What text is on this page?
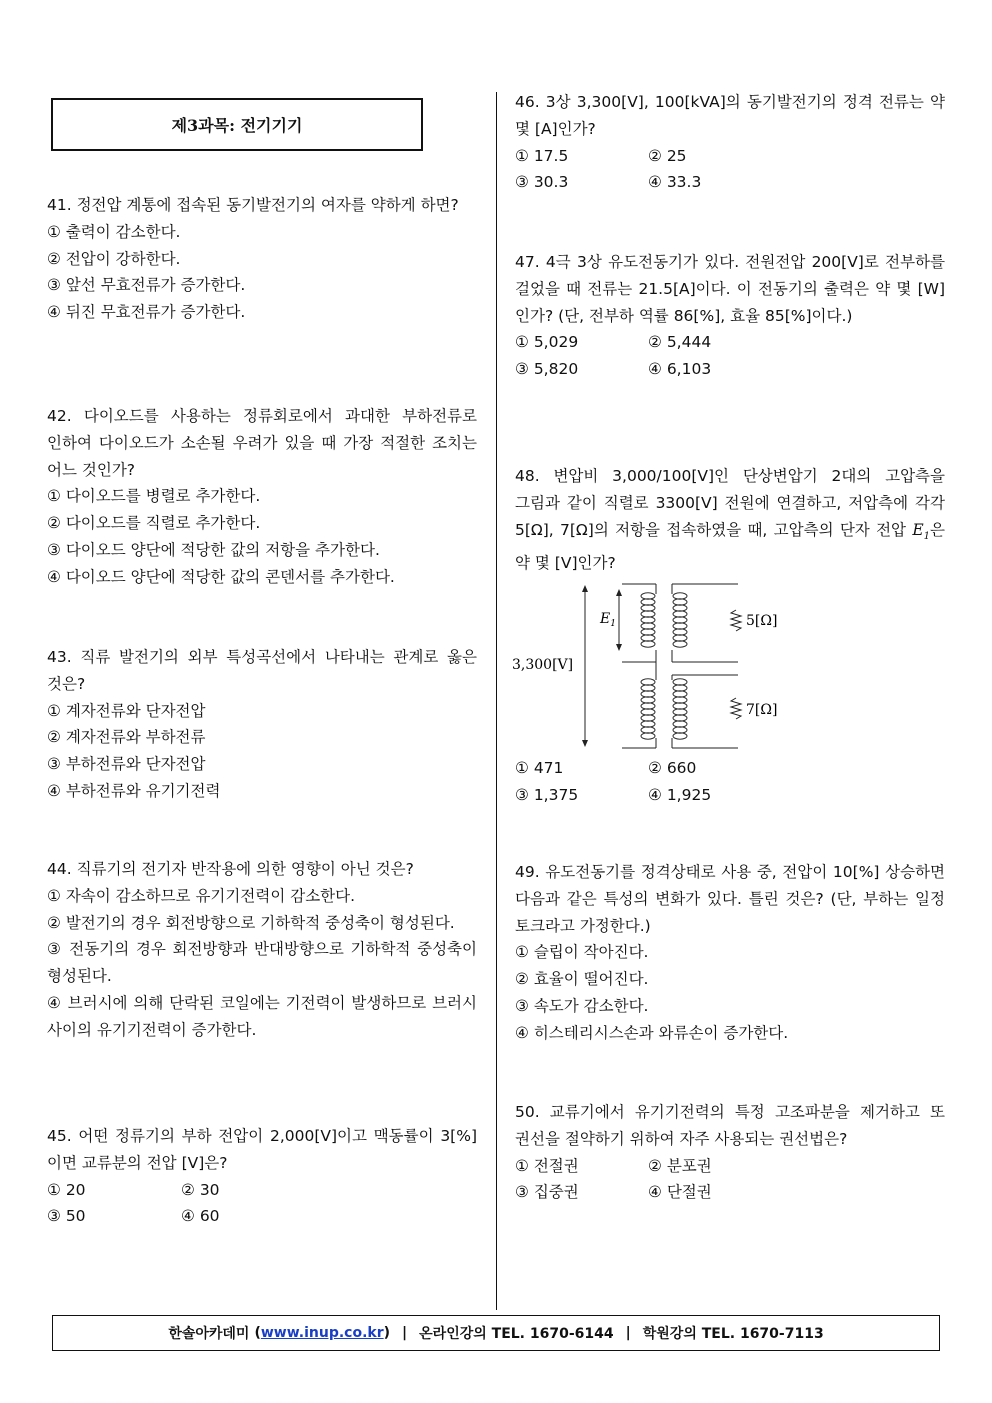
제3과목: 전기기기
41. 정전압 계통에 접속된 동기발전기의 여자를 약하게 하면?
① 출력이 감소한다.
② 전압이 강하한다.
③ 앞선 무효전류가 증가한다.
④ 뒤진 무효전류가 증가한다.
42. 다이오드를 사용하는 정류회로에서 과대한 부하전류로 인하여 다이오드가 소손될 우려가 있을 때 가장 적절한 조치는 어느 것인가?
① 다이오드를 병렬로 추가한다.
② 다이오드를 직렬로 추가한다.
③ 다이오드 양단에 적당한 값의 저항을 추가한다.
④ 다이오드 양단에 적당한 값의 콘덴서를 추가한다.
43. 직류 발전기의 외부 특성곡선에서 나타내는 관계로 옳은 것은?
① 계자전류와 단자전압
② 계자전류와 부하전류
③ 부하전류와 단자전압
④ 부하전류와 유기기전력
44. 직류기의 전기자 반작용에 의한 영향이 아닌 것은?
① 자속이 감소하므로 유기기전력이 감소한다.
② 발전기의 경우 회전방향으로 기하학적 중성축이 형성된다.
③ 전동기의 경우 회전방향과 반대방향으로 기하학적 중성축이 형성된다.
④ 브러시에 의해 단락된 코일에는 기전력이 발생하므로 브러시 사이의 유기기전력이 증가한다.
45. 어떤 정류기의 부하 전압이 2,000[V]이고 맥동률이 3[%]이면 교류분의 전압 [V]은?
① 20	② 30
③ 50	④ 60
46. 3상 3,300[V], 100[kVA]의 동기발전기의 정격 전류는 약 몇 [A]인가?
① 17.5	② 25
③ 30.3	④ 33.3
47. 4극 3상 유도전동기가 있다. 전원전압 200[V]로 전부하를 걸었을 때 전류는 21.5[A]이다. 이 전동기의 출력은 약 몇 [W]인가? (단, 전부하 역률 86[%], 효율 85[%]이다.)
① 5,029	② 5,444
③ 5,820	④ 6,103
48. 변압비 3,000/100[V]인 단상변압기 2대의 고압측을 그림과 같이 직렬로 3300[V] 전원에 연결하고, 저압측에 각각 5[Ω], 7[Ω]의 저항을 접속하였을 때, 고압측의 단자 전압 $E_1$은 약 몇 [V]인가?
3,300[V]
$E_1$	5[Ω]
7[Ω]
① 471	② 660
③ 1,375	④ 1,925
49. 유도전동기를 정격상태로 사용 중, 전압이 10[%] 상승하면 다음과 같은 특성의 변화가 있다. 틀린 것은? (단, 부하는 일정 토크라고 가정한다.)
① 슬립이 작아진다.
② 효율이 떨어진다.
③ 속도가 감소한다.
④ 히스테리시스손과 와류손이 증가한다.
50. 교류기에서 유기기전력의 특정 고조파분을 제거하고 또 권선을 절약하기 위하여 자주 사용되는 권선법은?
① 전절권	② 분포권
③ 집중권	④ 단절권
한솔아카데미 ( www.inup.co.kr ) | 온라인강의 TEL. 1670-6144 | 학원강의 TEL. 1670-7113
